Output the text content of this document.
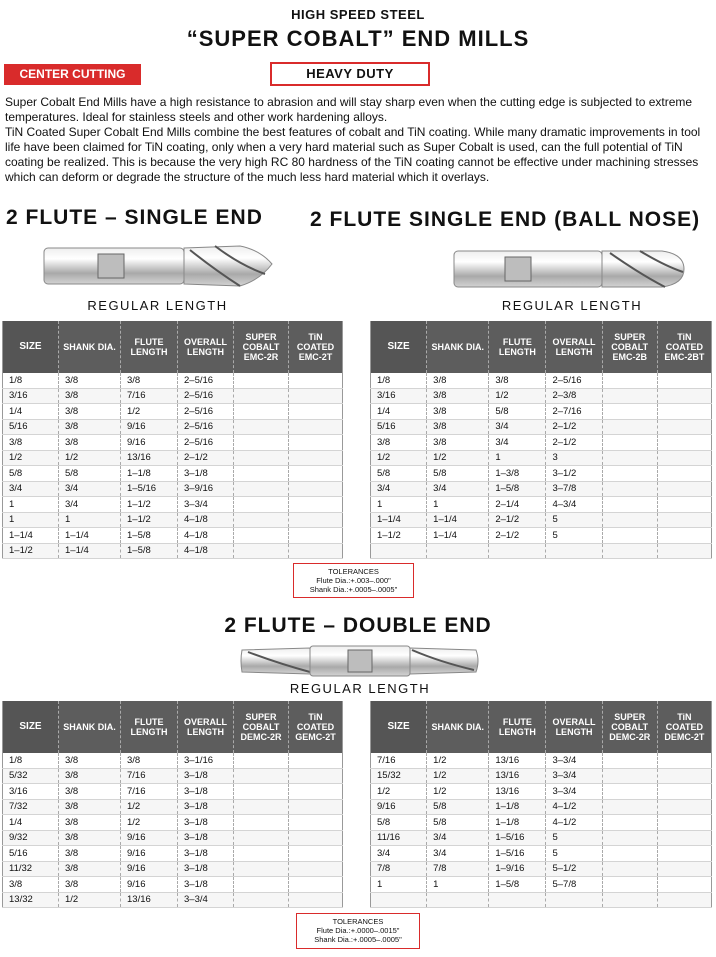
HIGH SPEED STEEL
“SUPER COBALT” END MILLS
CENTER CUTTING	HEAVY DUTY

Super Cobalt End Mills have a high resistance to abrasion and will stay sharp even when the cutting edge is subjected to extreme temperatures. Ideal for stainless steels and other work hardening alloys.

TiN Coated Super Cobalt End Mills combine the best features of cobalt and TiN coating. While many dramatic improvements in tool life have been claimed for TiN coating, only when a very hard material such as Super Cobalt is used, can the full potential of TiN coating be realized. This is because the very high RC 80 hardness of the TiN coating cannot be effective under machining stresses which can deform or degrade the structure of the much less hard material which it overlays.

2 FLUTE – SINGLE END 2 FLUTE SINGLE END (BALL NOSE)
REGULAR LENGTH	REGULAR LENGTH
SIZE	SHANK DIA.	FLUTE LENGTH	OVERALL LENGTH	SUPER COBALT EMC-2R	TiN COATED EMC-2T
1/8	3/8	3/8	2–5/16		
3/16	3/8	7/16	2–5/16		
1/4	3/8	1/2	2–5/16		
5/16	3/8	9/16	2–5/16		
3/8	3/8	9/16	2–5/16		
1/2	1/2	13/16	2–1/2		
5/8	5/8	1–1/8	3–1/8		
3/4	3/4	1–5/16	3–9/16		
1	3/4	1–1/2	3–3/4		
1	1	1–1/2	4–1/8		
1–1/4	1–1/4	1–5/8	4–1/8		
1–1/2	1–1/4	1–5/8	4–1/8		
SIZE	SHANK DIA.	FLUTE LENGTH	OVERALL LENGTH	SUPER COBALT EMC-2B	TiN COATED EMC-2BT
1/8	3/8	3/8	2–5/16		
3/16	3/8	1/2	2–3/8		
1/4	3/8	5/8	2–7/16		
5/16	3/8	3/4	2–1/2		
3/8	3/8	3/4	2–1/2		
1/2	1/2	1	3		
5/8	5/8	1–3/8	3–1/2		
3/4	3/4	1–5/8	3–7/8		
1	1	2–1/4	4–3/4		
1–1/4	1–1/4	2–1/2	5		
1–1/2	1–1/4	2–1/2	5		

TOLERANCES
Flute Dia.:+.003–.000"
Shank Dia.:+.0005–.0005"
2 FLUTE – DOUBLE END
REGULAR LENGTH
SIZE	SHANK DIA.	FLUTE LENGTH	OVERALL LENGTH	SUPER COBALT DEMC-2R	TiN COATED GEMC-2T
1/8	3/8	3/8	3–1/16		
5/32	3/8	7/16	3–1/8		
3/16	3/8	7/16	3–1/8		
7/32	3/8	1/2	3–1/8		
1/4	3/8	1/2	3–1/8		
9/32	3/8	9/16	3–1/8		
5/16	3/8	9/16	3–1/8		
11/32	3/8	9/16	3–1/8		
3/8	3/8	9/16	3–1/8		
13/32	1/2	13/16	3–3/4		
SIZE	SHANK DIA.	FLUTE LENGTH	OVERALL LENGTH	SUPER COBALT DEMC-2R	TiN COATED DEMC-2T
7/16	1/2	13/16	3–3/4		
15/32	1/2	13/16	3–3/4		
1/2	1/2	13/16	3–3/4		
9/16	5/8	1–1/8	4–1/2		
5/8	5/8	1–1/8	4–1/2		
11/16	3/4	1–5/16	5		
3/4	3/4	1–5/16	5		
7/8	7/8	1–9/16	5–1/2		
1	1	1–5/8	5–7/8		

TOLERANCES
Flute Dia.:+.0000–.0015"
Shank Dia.:+.0005–.0005"
